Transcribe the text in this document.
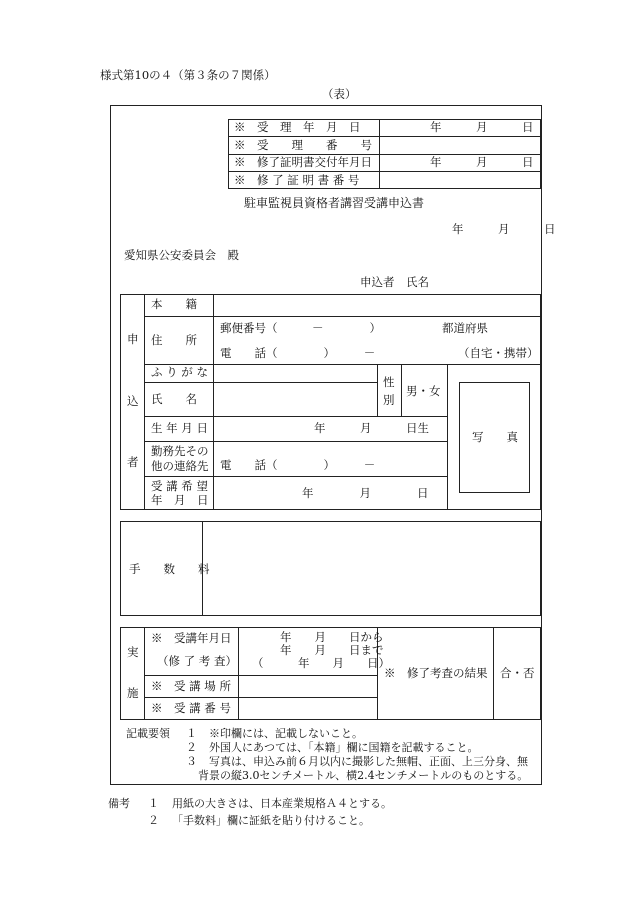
様式第10の４（第３条の７関係）
（表）
※　受　理　年　月　日	年　　　月　　　日
※　受　　理　　番　　号
※　修了証明書交付年月日	年　　　月　　　日
※　修 了 証 明 書 番 号
駐車監視員資格者講習受講申込書
年　　　月　　　日
愛知県公安委員会　殿
申込者　氏名
申
込
者
本　　籍
住　　所
郵便番号（　　　－　　　　）	都道府県
電　　話（　　　　）　　　－	（自宅・携帯）
ふ り が な
氏　　名
性
別
男・女
生 年 月 日	年　　　月　　　日生
勤務先その
他の連絡先 電　　話（　　　　）　　　－
受 講 希 望
年　月　日	年　　　　月　　　　日
写　　真
手　　数　　料
実
施
※　受講年月日
（修 了 考 査）
年　　月　　日から
年　　月　　日まで
（　　　年　　月　　日）
※　受 講 場 所
※　受 講 番 号
※　修了考査の結果 合・否
記載要領 １ ※印欄には、記載しないこと。
２ 外国人にあつては、「本籍」欄に国籍を記載すること。
３ 写真は、申込み前６月以内に撮影した無帽、正面、上三分身、無
背景の縦3.0センチメートル、横2.4センチメートルのものとする。
備考 １ 用紙の大きさは、日本産業規格Ａ４とする。
２ 「手数料」欄に証紙を貼り付けること。
